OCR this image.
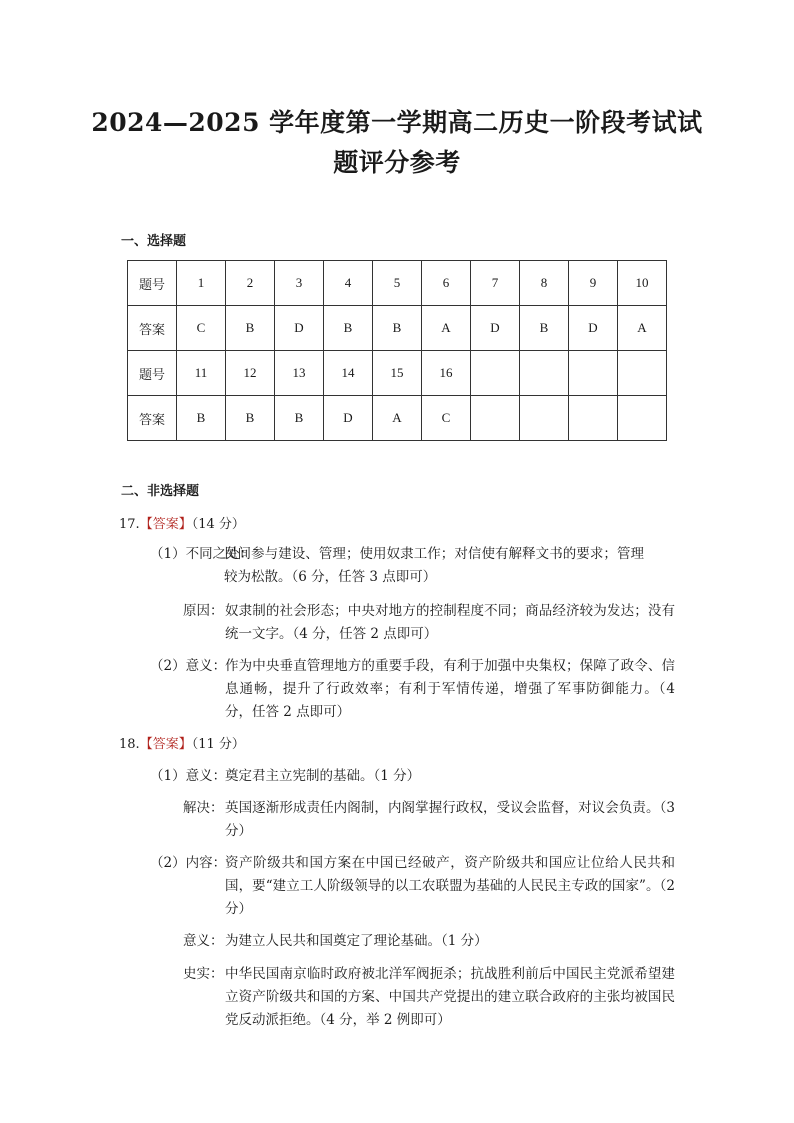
2024—2025 学年度第一学期高二历史一阶段考试试
题评分参考
一、选择题
题号	1	2	3	4	5	6	7	8	9	10
答案	C	B	D	B	B	A	D	B	D	A
题号	11	12	13	14	15	16				
答案	B	B	B	D	A	C				
二、非选择题
17.【答案】（14 分）
（1）不同之处：
民间参与建设、管理；使用奴隶工作；对信使有解释文书的要求；管理较为松散。（6 分，任答 3 点即可）
原因： 奴隶制的社会形态；中央对地方的控制程度不同；商品经济较为发达；没有统一文字。（4 分，任答 2 点即可）
（2）意义：
作为中央垂直管理地方的重要手段，有利于加强中央集权；保障了政令、信息通畅，提升了行政效率；有利于军情传递，增强了军事防御能力。（4 分，任答 2 点即可）
18.【答案】（11 分）
（1）意义：
奠定君主立宪制的基础。（1 分）
解决： 英国逐渐形成责任内阁制，内阁掌握行政权，受议会监督，对议会负责。（3 分）
（2）内容：
资产阶级共和国方案在中国已经破产，资产阶级共和国应让位给人民共和国，要“建立工人阶级领导的以工农联盟为基础的人民民主专政的国家”。（2 分）
意义： 为建立人民共和国奠定了理论基础。（1 分）
史实： 中华民国南京临时政府被北洋军阀扼杀；抗战胜利前后中国民主党派希望建立资产阶级共和国的方案、中国共产党提出的建立联合政府的主张均被国民党反动派拒绝。（4 分，举 2 例即可）
